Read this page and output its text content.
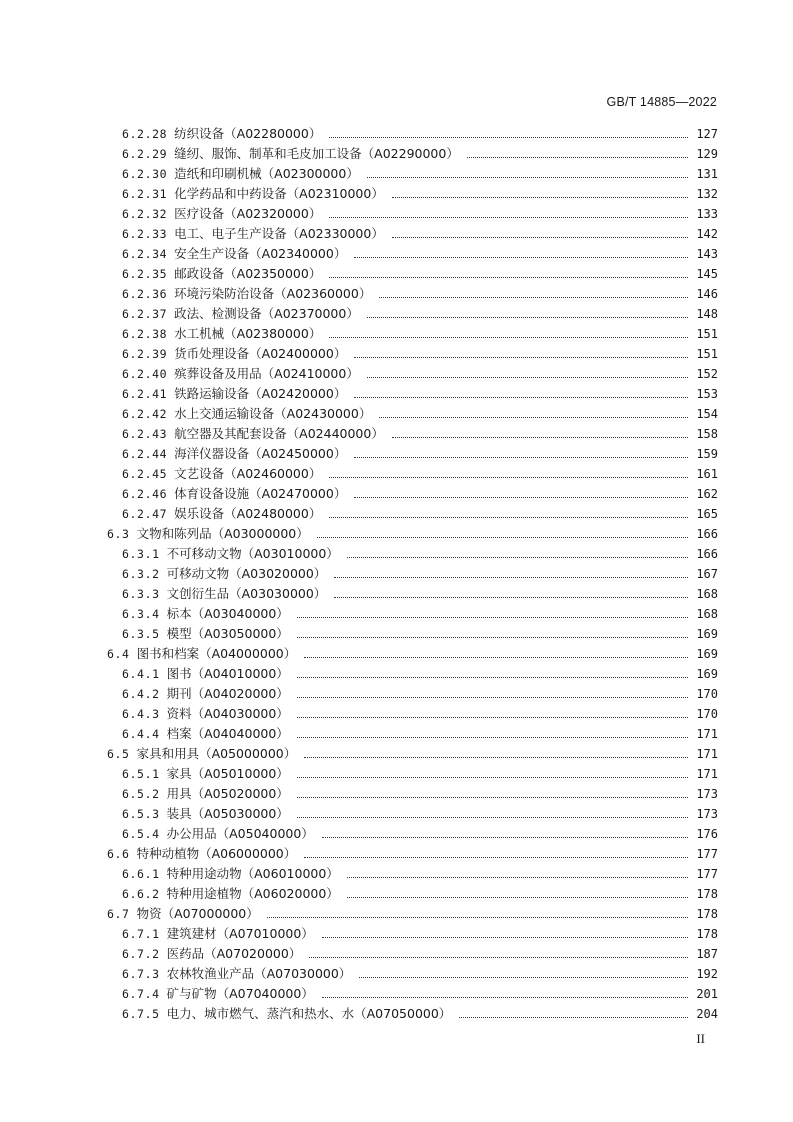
GB/T 14885—2022
6.2.28 纺织设备（A02280000）	127
6.2.29 缝纫、服饰、制革和毛皮加工设备（A02290000）	129
6.2.30 造纸和印刷机械（A02300000）	131
6.2.31 化学药品和中药设备（A02310000）	132
6.2.32 医疗设备（A02320000）	133
6.2.33 电工、电子生产设备（A02330000）	142
6.2.34 安全生产设备（A02340000）	143
6.2.35 邮政设备（A02350000）	145
6.2.36 环境污染防治设备（A02360000）	146
6.2.37 政法、检测设备（A02370000）	148
6.2.38 水工机械（A02380000）	151
6.2.39 货币处理设备（A02400000）	151
6.2.40 殡葬设备及用品（A02410000）	152
6.2.41 铁路运输设备（A02420000）	153
6.2.42 水上交通运输设备（A02430000）	154
6.2.43 航空器及其配套设备（A02440000）	158
6.2.44 海洋仪器设备（A02450000）	159
6.2.45 文艺设备（A02460000）	161
6.2.46 体育设备设施（A02470000）	162
6.2.47 娱乐设备（A02480000）	165
6.3 文物和陈列品（A03000000）	166
6.3.1 不可移动文物（A03010000）	166
6.3.2 可移动文物（A03020000）	167
6.3.3 文创衍生品（A03030000）	168
6.3.4 标本（A03040000）	168
6.3.5 模型（A03050000）	169
6.4 图书和档案（A04000000）	169
6.4.1 图书（A04010000）	169
6.4.2 期刊（A04020000）	170
6.4.3 资料（A04030000）	170
6.4.4 档案（A04040000）	171
6.5 家具和用具（A05000000）	171
6.5.1 家具（A05010000）	171
6.5.2 用具（A05020000）	173
6.5.3 装具（A05030000）	173
6.5.4 办公用品（A05040000）	176
6.6 特种动植物（A06000000）	177
6.6.1 特种用途动物（A06010000）	177
6.6.2 特种用途植物（A06020000）	178
6.7 物资（A07000000）	178
6.7.1 建筑建材（A07010000）	178
6.7.2 医药品（A07020000）	187
6.7.3 农林牧渔业产品（A07030000）	192
6.7.4 矿与矿物（A07040000）	201
6.7.5 电力、城市燃气、蒸汽和热水、水（A07050000）	204
II
